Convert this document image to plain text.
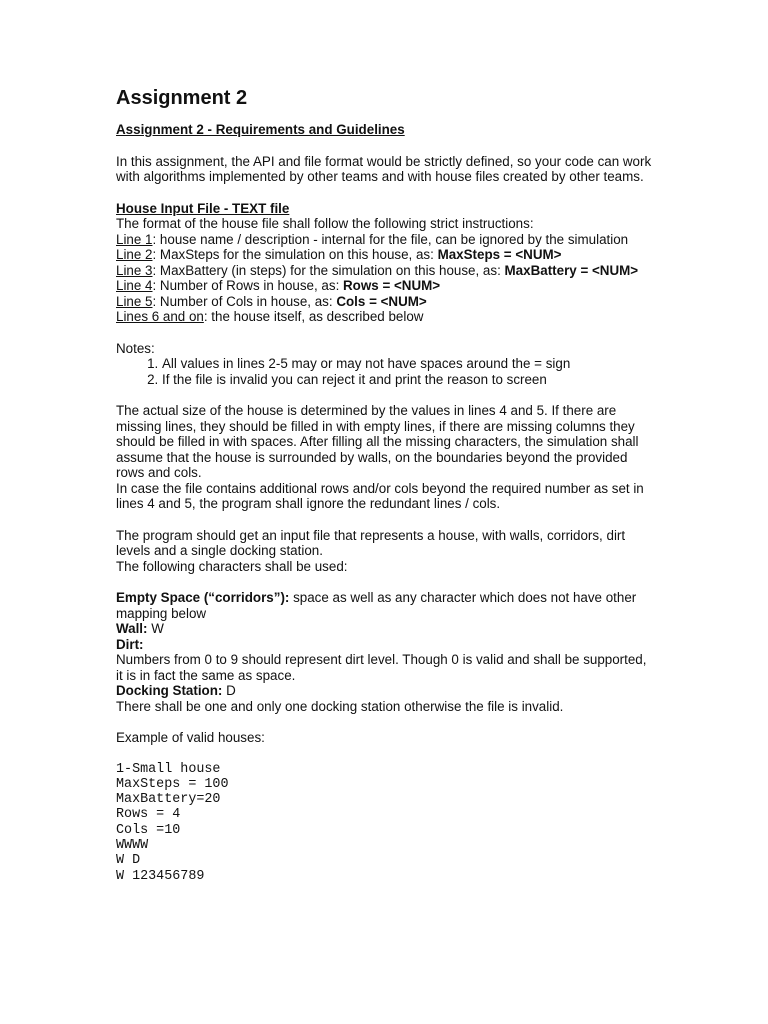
Assignment 2

Assignment 2 - Requirements and Guidelines

In this assignment, the API and file format would be strictly defined, so your code can work with algorithms implemented by other teams and with house files created by other teams.

House Input File - TEXT file

The format of the house file shall follow the following strict instructions:

Line 1: house name / description - internal for the file, can be ignored by the simulation

Line 2: MaxSteps for the simulation on this house, as: MaxSteps = <NUM>

Line 3: MaxBattery (in steps) for the simulation on this house, as: MaxBattery = <NUM>

Line 4: Number of Rows in house, as: Rows = <NUM>

Line 5: Number of Cols in house, as: Cols = <NUM>

Lines 6 and on: the house itself, as described below

Notes:

1. All values in lines 2-5 may or may not have spaces around the = sign
2. If the file is invalid you can reject it and print the reason to screen

The actual size of the house is determined by the values in lines 4 and 5. If there are missing lines, they should be filled in with empty lines, if there are missing columns they should be filled in with spaces. After filling all the missing characters, the simulation shall assume that the house is surrounded by walls, on the boundaries beyond the provided rows and cols.

In case the file contains additional rows and/or cols beyond the required number as set in lines 4 and 5, the program shall ignore the redundant lines / cols.

The program should get an input file that represents a house, with walls, corridors, dirt levels and a single docking station.

The following characters shall be used:

Empty Space (“corridors”): space as well as any character which does not have other mapping below

Wall: W

Dirt:

Numbers from 0 to 9 should represent dirt level. Though 0 is valid and shall be supported, it is in fact the same as space.

Docking Station: D

There shall be one and only one docking station otherwise the file is invalid.

Example of valid houses:

1-Small house

MaxSteps = 100

MaxBattery=20

Rows = 4

Cols =10

WWWW

W D

W 123456789
